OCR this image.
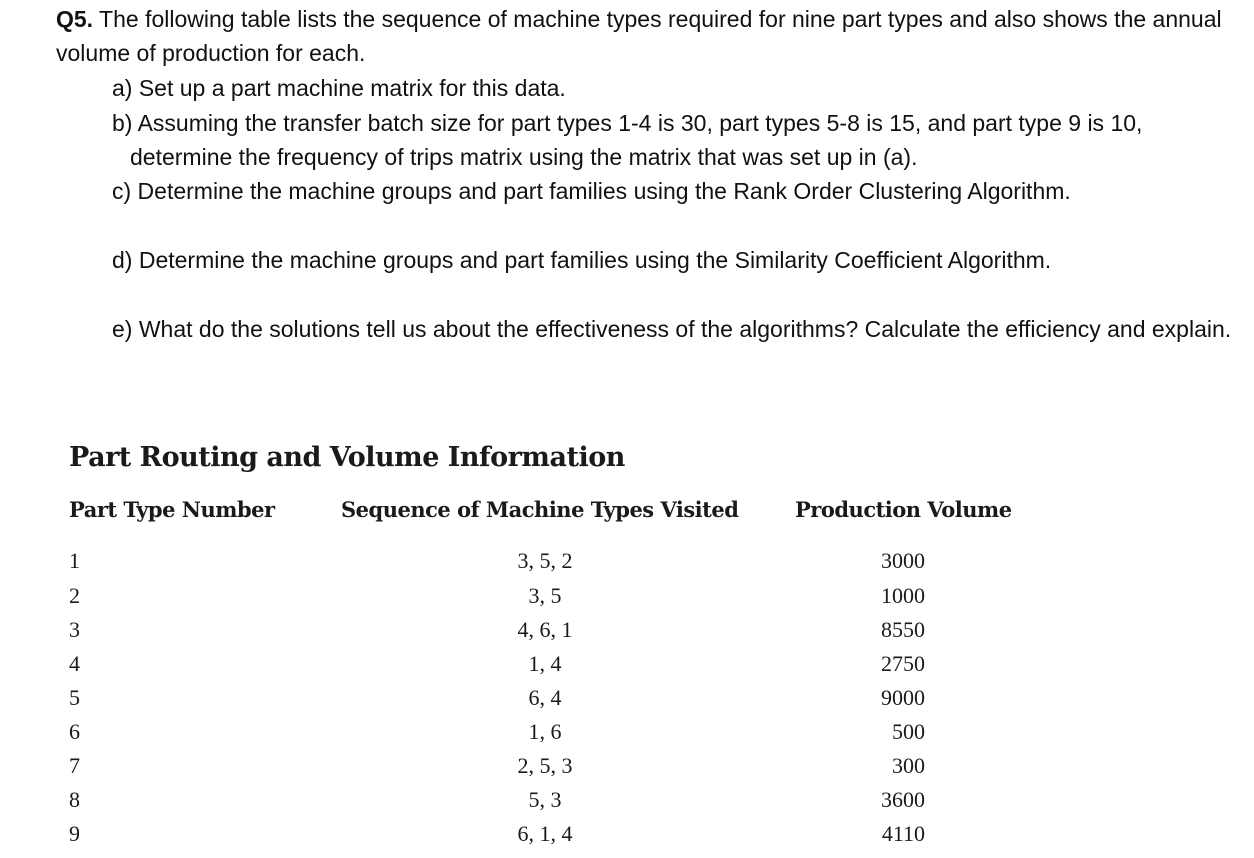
Q5. The following table lists the sequence of machine types required for nine part types and also shows the annual volume of production for each.

a) Set up a part machine matrix for this data.

b) Assuming the transfer batch size for part types 1-4 is 30, part types 5-8 is 15, and part type 9 is 10, determine the frequency of trips matrix using the matrix that was set up in (a).

c) Determine the machine groups and part families using the Rank Order Clustering Algorithm.

d) Determine the machine groups and part families using the Similarity Coefficient Algorithm.

e) What do the solutions tell us about the effectiveness of the algorithms? Calculate the efficiency and explain.

Part Routing and Volume Information
Part Type Number	Sequence of Machine Types Visited	Production Volume
1	3, 5, 2	3000
2	3, 5	1000
3	4, 6, 1	8550
4	1, 4	2750
5	6, 4	9000
6	1, 6	500
7	2, 5, 3	300
8	5, 3	3600
9	6, 1, 4	4110
